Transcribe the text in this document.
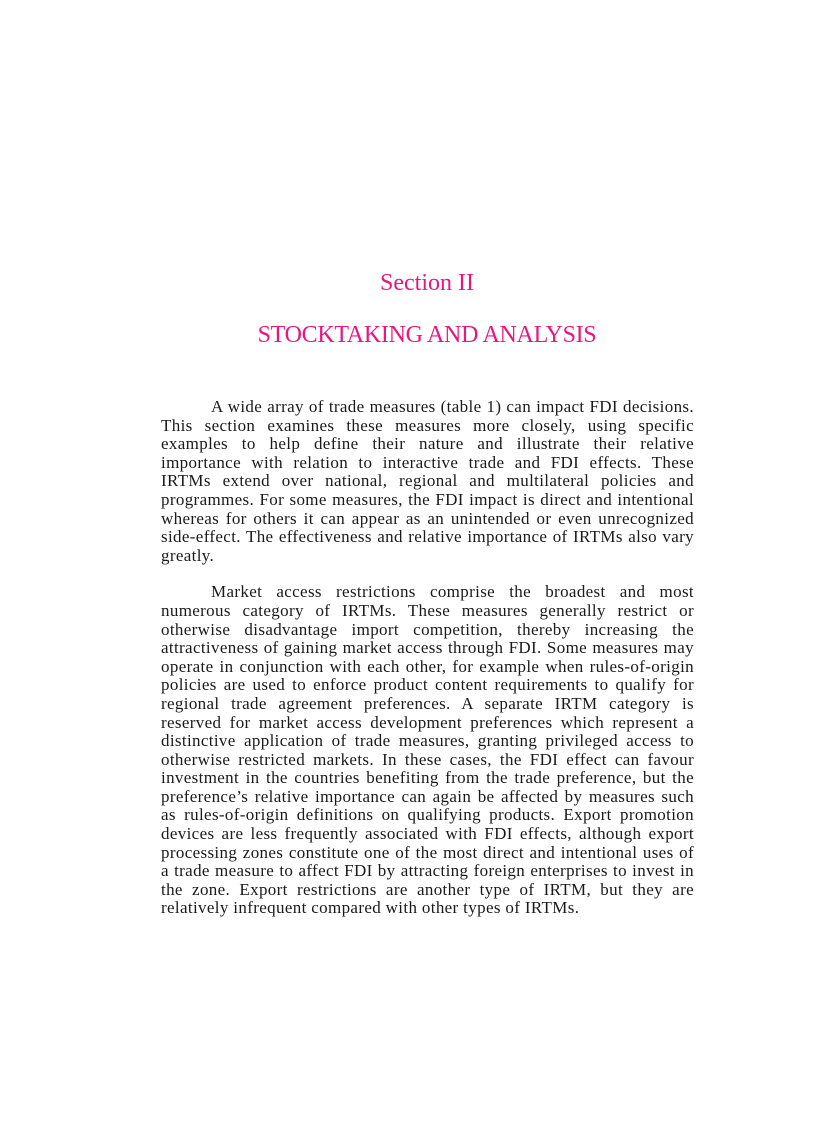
Section II
STOCKTAKING AND ANALYSIS

A wide array of trade measures (table 1) can impact FDI decisions. This section examines these measures more closely, using specific examples to help define their nature and illustrate their relative importance with relation to interactive trade and FDI effects. These IRTMs extend over national, regional and multilateral policies and programmes. For some measures, the FDI impact is direct and intentional whereas for others it can appear as an unintended or even unrecognized side-effect. The effectiveness and relative importance of IRTMs also vary greatly.

Market access restrictions comprise the broadest and most numerous category of IRTMs. These measures generally restrict or otherwise disadvantage import competition, thereby increasing the attractiveness of gaining market access through FDI. Some measures may operate in conjunction with each other, for example when rules-of-origin policies are used to enforce product content requirements to qualify for regional trade agreement preferences. A separate IRTM category is reserved for market access development preferences which represent a distinctive application of trade measures, granting privileged access to otherwise restricted markets. In these cases, the FDI effect can favour investment in the countries benefiting from the trade preference, but the preference’s relative importance can again be affected by measures such as rules-of-origin definitions on qualifying products. Export promotion devices are less frequently associated with FDI effects, although export processing zones constitute one of the most direct and intentional uses of a trade measure to affect FDI by attracting foreign enterprises to invest in the zone. Export restrictions are another type of IRTM, but they are relatively infrequent compared with other types of IRTMs.
